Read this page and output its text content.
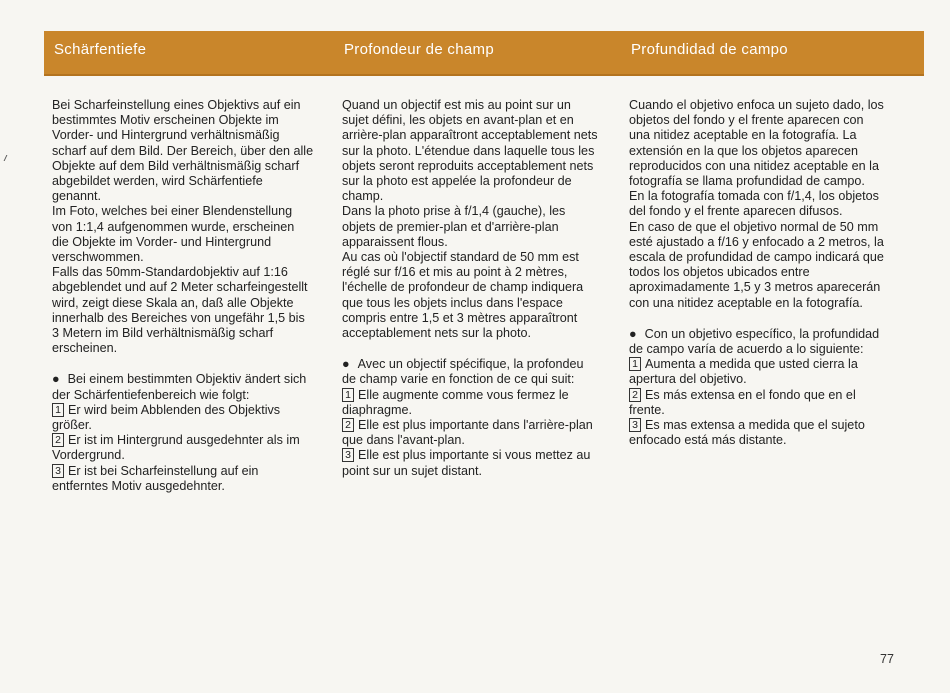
Schärfentiefe	Profondeur de champ	Profundidad de campo

Bei Scharfeinstellung eines Objektivs auf ein bestimmtes Motiv erscheinen Objekte im Vorder- und Hintergrund verhältnismäßig scharf auf dem Bild. Der Bereich, über den alle Objekte auf dem Bild verhältnismäßig scharf abgebildet werden, wird Schärfentiefe genannt.

Im Foto, welches bei einer Blendenstellung von 1:1,4 aufgenommen wurde, erscheinen die Objekte im Vorder- und Hintergrund verschwommen.

Falls das 50mm-Standardobjektiv auf 1:16 abgeblendet und auf 2 Meter scharfeingestellt wird, zeigt diese Skala an, daß alle Objekte innerhalb des Bereiches von ungefähr 1,5 bis 3 Metern im Bild verhältnismäßig scharf erscheinen.

● Bei einem bestimmten Objektiv ändert sich der Schärfentiefenbereich wie folgt:

1 Er wird beim Abblenden des Objektivs größer.
2 Er ist im Hintergrund ausgedehnter als im Vordergrund.
3 Er ist bei Scharfeinstellung auf ein entferntes Motiv ausgedehnter.

Quand un objectif est mis au point sur un sujet défini, les objets en avant-plan et en arrière-plan apparaîtront acceptablement nets sur la photo. L'étendue dans laquelle tous les objets seront reproduits acceptablement nets sur la photo est appelée la profondeur de champ.

Dans la photo prise à f/1,4 (gauche), les objets de premier-plan et d'arrière-plan apparaissent flous.

Au cas où l'objectif standard de 50 mm est réglé sur f/16 et mis au point à 2 mètres, l'échelle de profondeur de champ indiquera que tous les objets inclus dans l'espace compris entre 1,5 et 3 mètres apparaîtront acceptablement nets sur la photo.

● Avec un objectif spécifique, la profondeu de champ varie en fonction de ce qui suit:

1 Elle augmente comme vous fermez le diaphragme.
2 Elle est plus importante dans l'arrière-plan que dans l'avant-plan.
3 Elle est plus importante si vous mettez au point sur un sujet distant.

Cuando el objetivo enfoca un sujeto dado, los objetos del fondo y el frente aparecen con una nitidez aceptable en la fotografía. La extensión en la que los objetos aparecen reproducidos con una nitidez aceptable en la fotografía se llama profundidad de campo.

En la fotografía tomada con f/1,4, los objetos del fondo y el frente aparecen difusos.

En caso de que el objetivo normal de 50 mm esté ajustado a f/16 y enfocado a 2 metros, la escala de profundidad de campo indicará que todos los objetos ubicados entre aproximadamente 1,5 y 3 metros aparecerán con una nitidez aceptable en la fotografía.

● Con un objetivo específico, la profundidad de campo varía de acuerdo a lo siguiente:

1 Aumenta a medida que usted cierra la apertura del objetivo.
2 Es más extensa en el fondo que en el frente.
3 Es mas extensa a medida que el sujeto enfocado está más distante.
77
